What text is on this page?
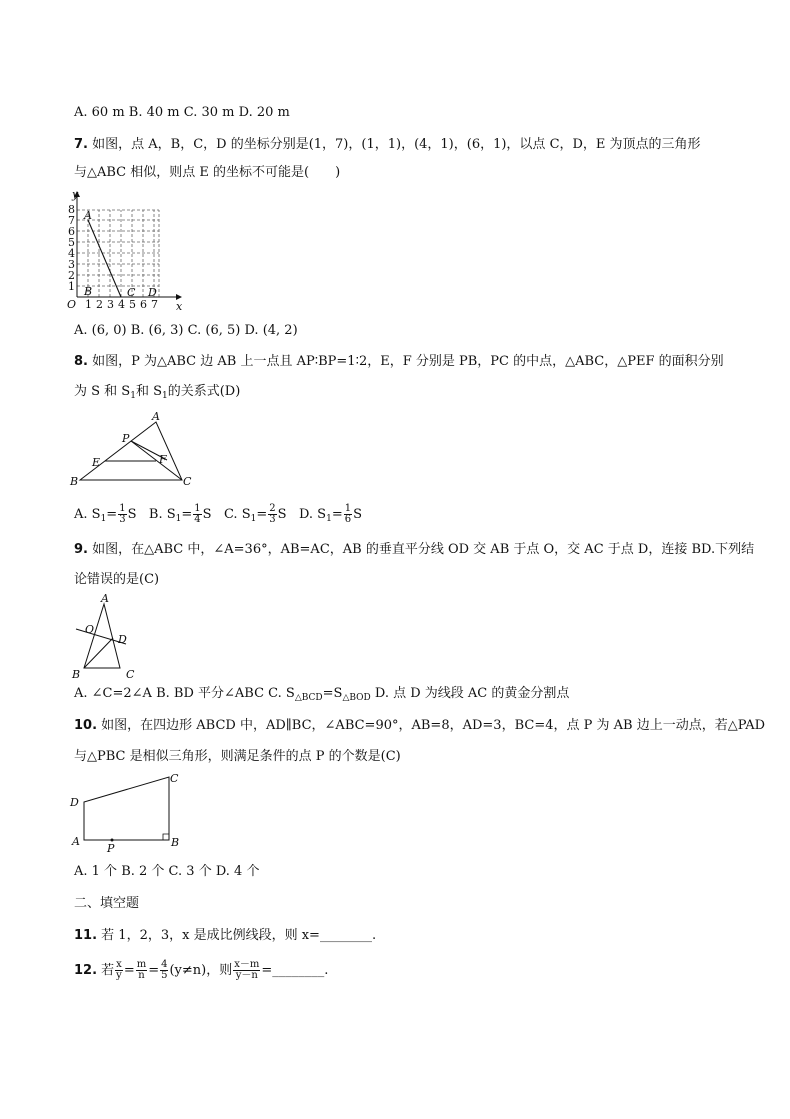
A. 60 m B. 40 m C. 30 m D. 20 m
7. 如图，点 A，B，C，D 的坐标分别是(1，7)，(1，1)，(4，1)，(6，1)，以点 C，D，E 为顶点的三角形
与△ABC 相似，则点 E 的坐标不可能是(　　)
O	x
y
1 2 3 4 5 6 7
1
2
3
4
5
6
7
8 A
B	C D
A. (6, 0) B. (6, 3) C. (6, 5) D. (4, 2)
8. 如图，P 为△ABC 边 AB 上一点且 AP∶BP=1∶2，E，F 分别是 PB，PC 的中点，△ABC，△PEF 的面积分别
为 S 和 $S_1$和 $S_1$的关系式(D)
A
P
E	F
B	C
A. $S_1= \frac{1}{3}$ S B. $S_1= \frac{1}{4}$ S C. $S_1= \frac{2}{3}$ S D. $S_1= \frac{1}{6}$ S
9. 如图，在△ABC 中，∠A=36°，AB=AC，AB 的垂直平分线 OD 交 AB 于点 O，交 AC 于点 D，连接 BD.下列结
论错误的是(C)
A
O
D
B	C
A. ∠C=2∠A B. BD 平分∠ABC C. $S_{\triangle BCD}=S_{\triangle BOD}$ D. 点 D 为线段 AC 的黄金分割点
10. 如图，在四边形 ABCD 中，AD∥BC，∠ABC=90°，AB=8，AD=3，BC=4，点 P 为 AB 边上一动点，若△PAD
与△PBC 是相似三角形，则满足条件的点 P 的个数是(C)
D
C
A	B
P
A. 1 个 B. 2 个 C. 3 个 D. 4 个
二、填空题
11. 若 1，2，3，x 是成比例线段，则 x=________.
12. 若 $\frac{x}{y} = \frac{m}{n} = \frac{4}{5} (y\ne n)$，则 $\frac{x-m}{y-n}$ =________.
